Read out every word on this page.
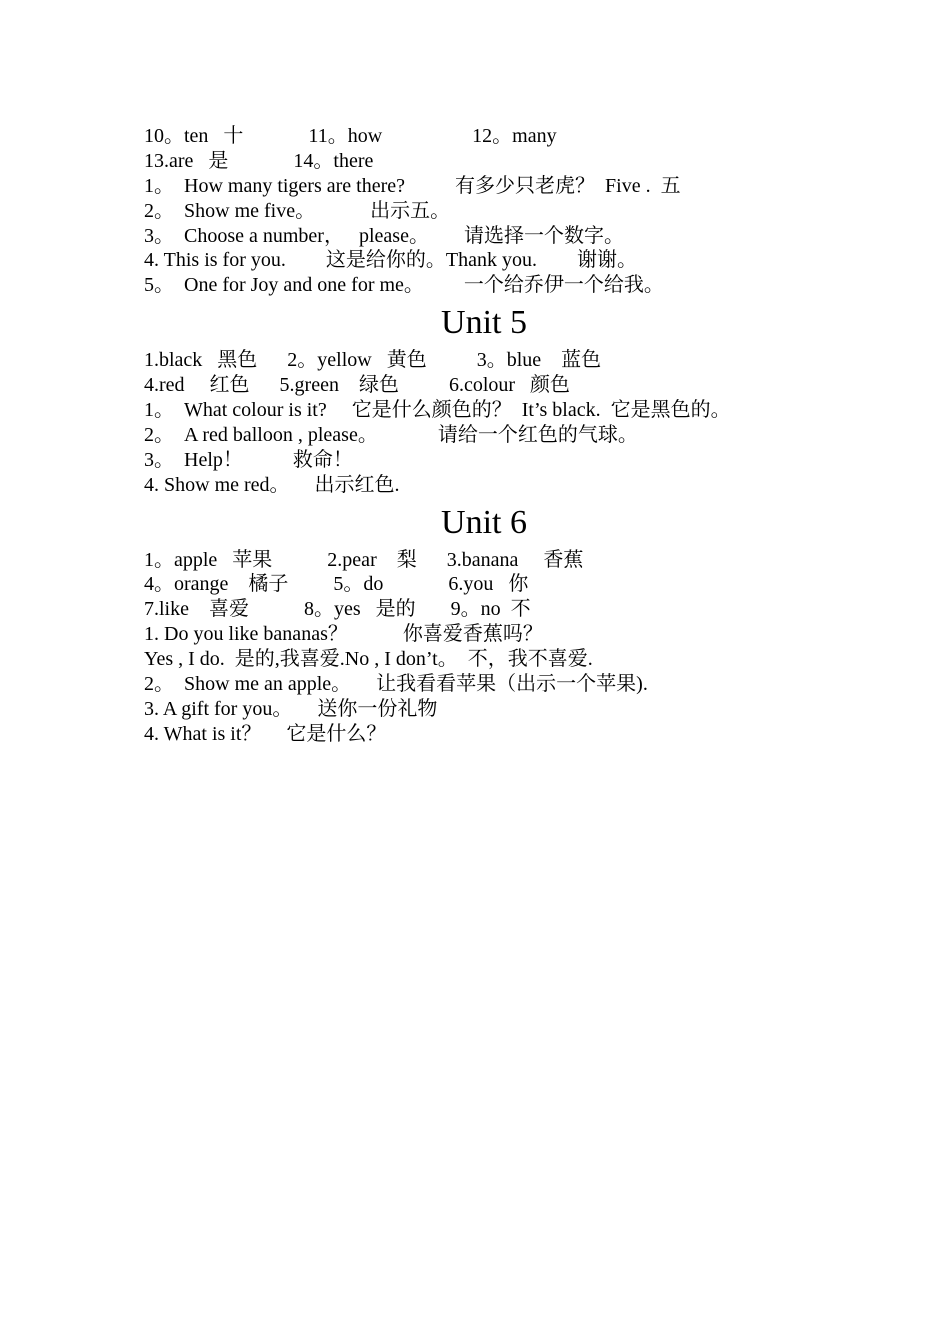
10。ten   十             11。how                  12。many
13.are   是             14。there
1。  How many tigers are there?          有多少只老虎？  Five .  五
2。  Show me five。           出示五。
3。  Choose a number，   please。       请选择一个数字。
4. This is for you.        这是给你的。Thank you.        谢谢。
5。  One for Joy and one for me。        一个给乔伊一个给我。
Unit 5
1.black   黑色      2。yellow   黄色          3。blue    蓝色
4.red     红色      5.green    绿色          6.colour   颜色
1。  What colour is it?     它是什么颜色的？  It’s black.  它是黑色的。
2。  A red balloon , please。            请给一个红色的气球。
3。  Help！          救命！
4. Show me red。     出示红色.
Unit 6
1。apple   苹果           2.pear    梨      3.banana     香蕉
4。orange    橘子         5。do             6.you   你
7.like    喜爱           8。yes   是的       9。no  不
1. Do you like bananas？           你喜爱香蕉吗？
Yes , I do.  是的,我喜爱.No , I don’t。  不，我不喜爱.
2。  Show me an apple。     让我看看苹果（出示一个苹果).
3. A gift for you。     送你一份礼物
4. What is it？     它是什么？
